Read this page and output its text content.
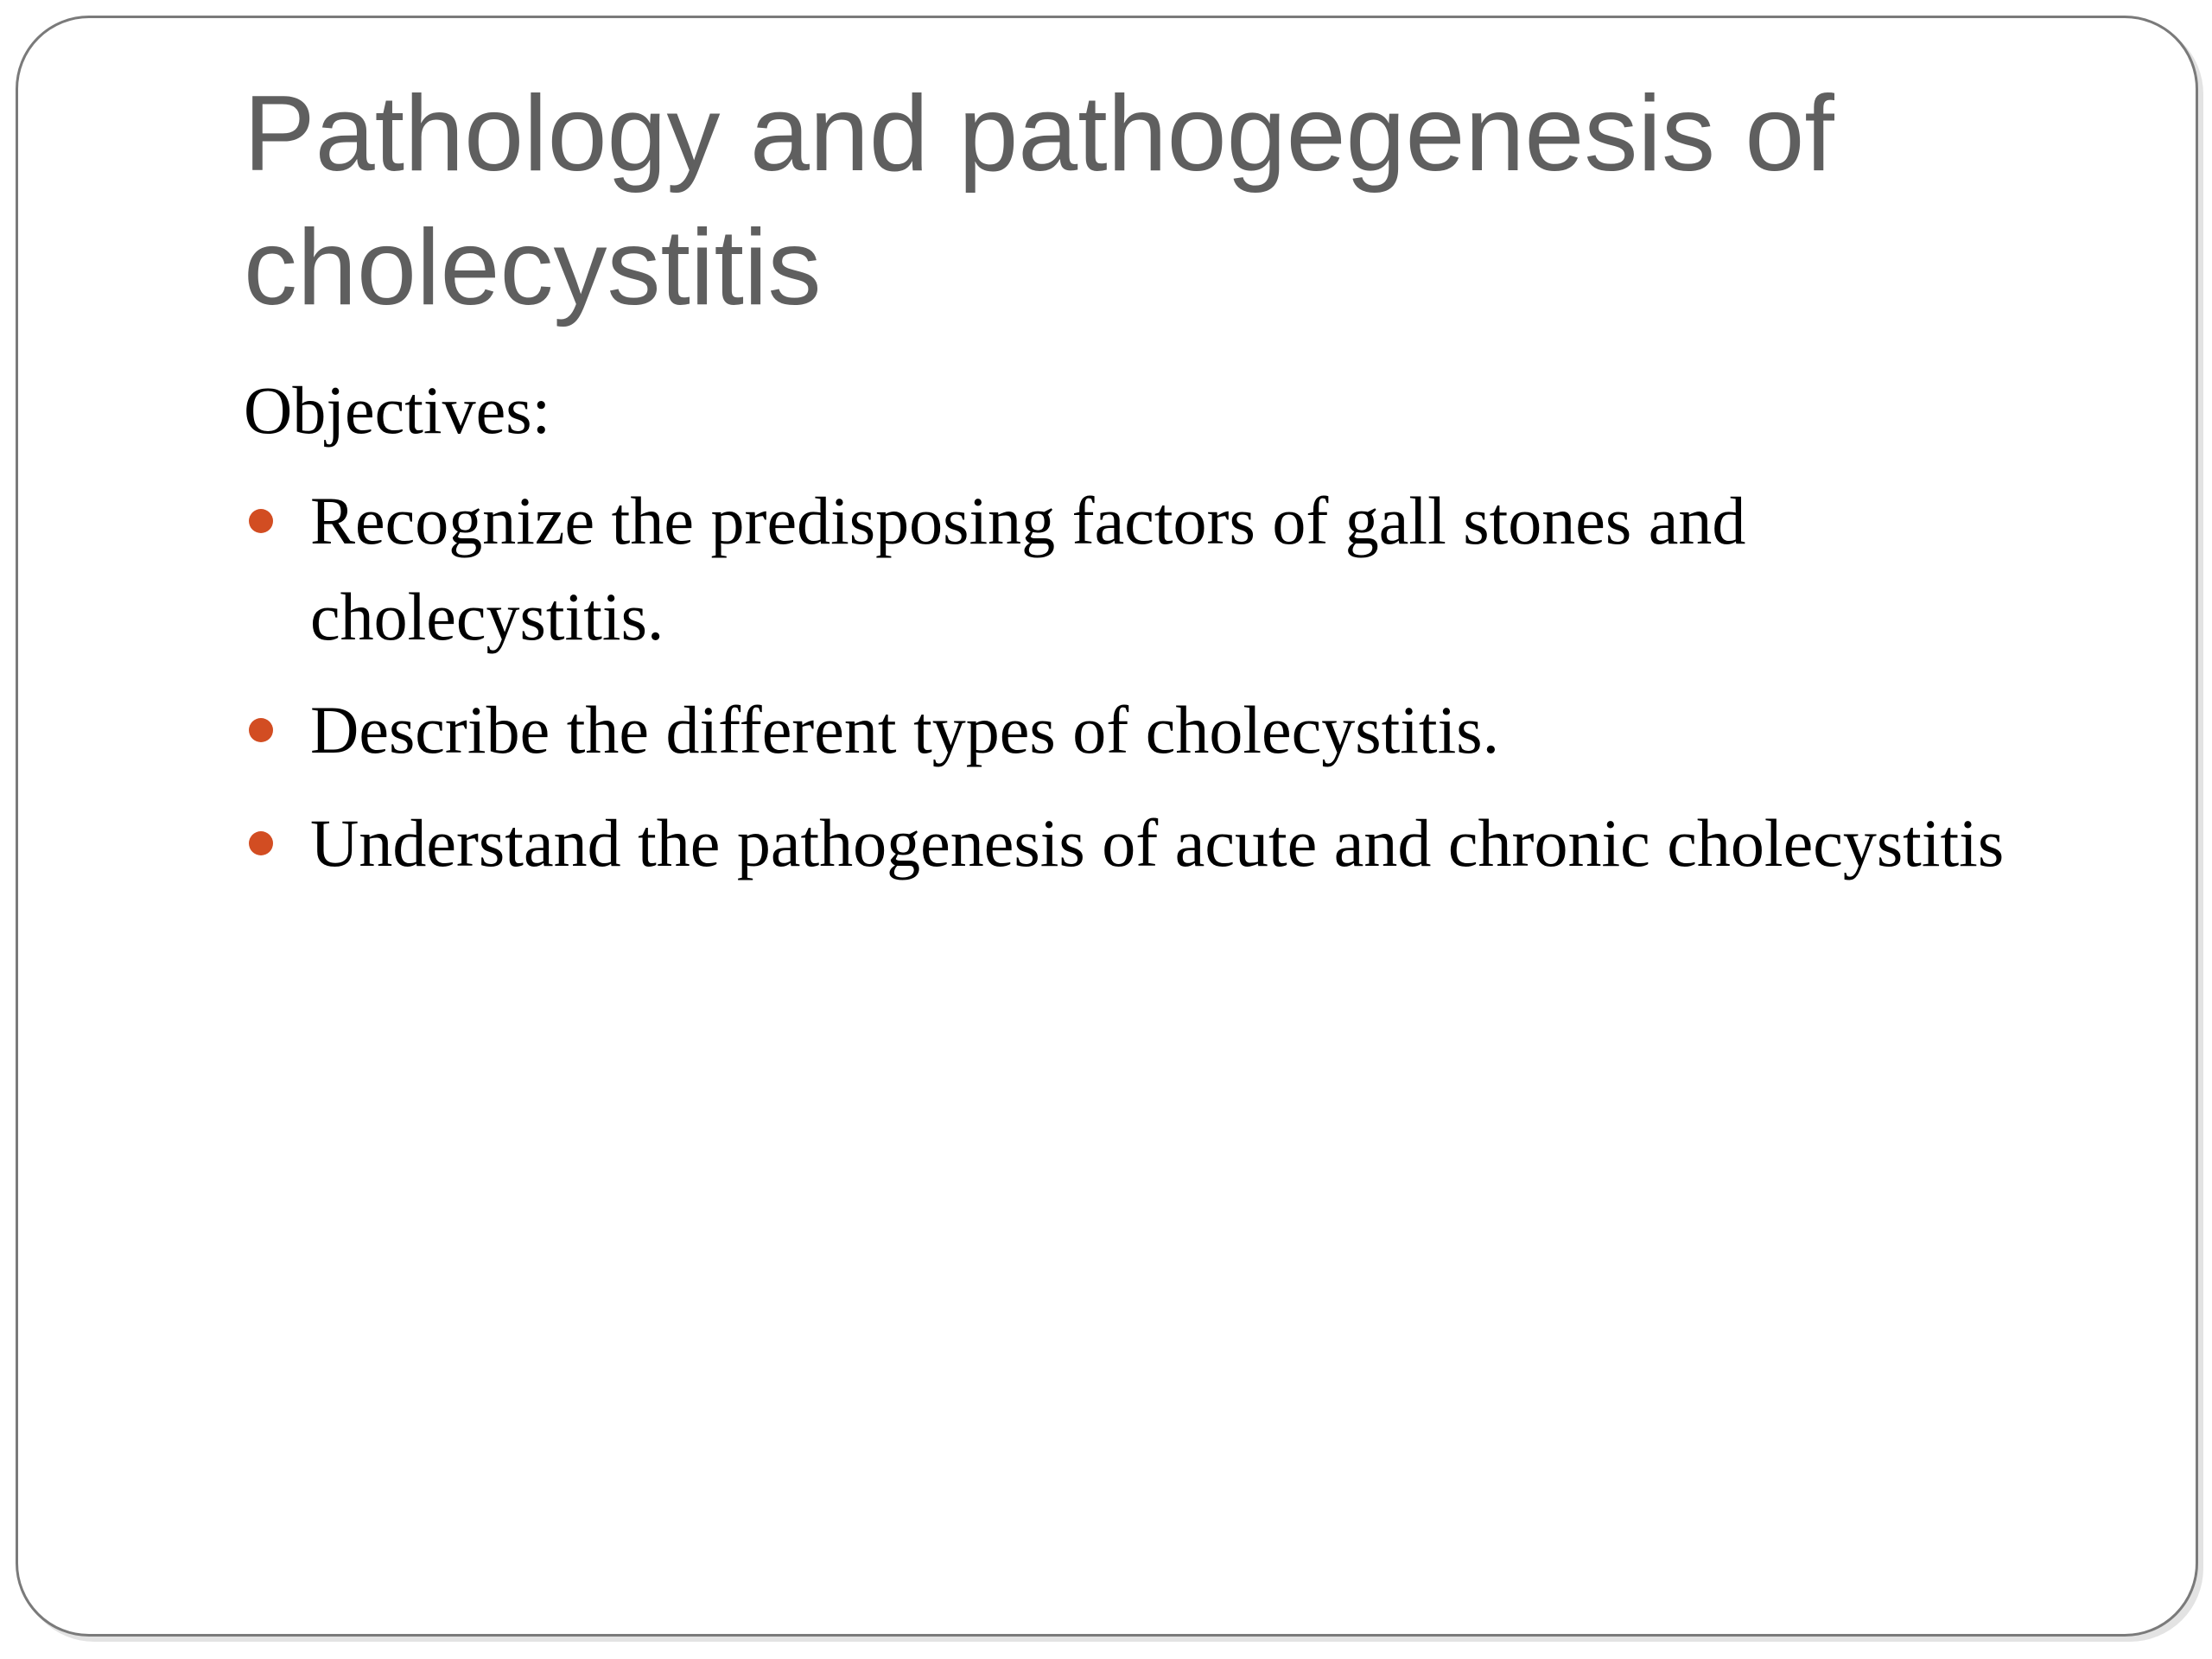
Pathology and pathogegenesis of cholecystitis

Objectives:

Recognize the predisposing factors of gall stones and cholecystitis.
Describe the different types of cholecystitis.
Understand the pathogenesis of acute and chronic cholecystitis
